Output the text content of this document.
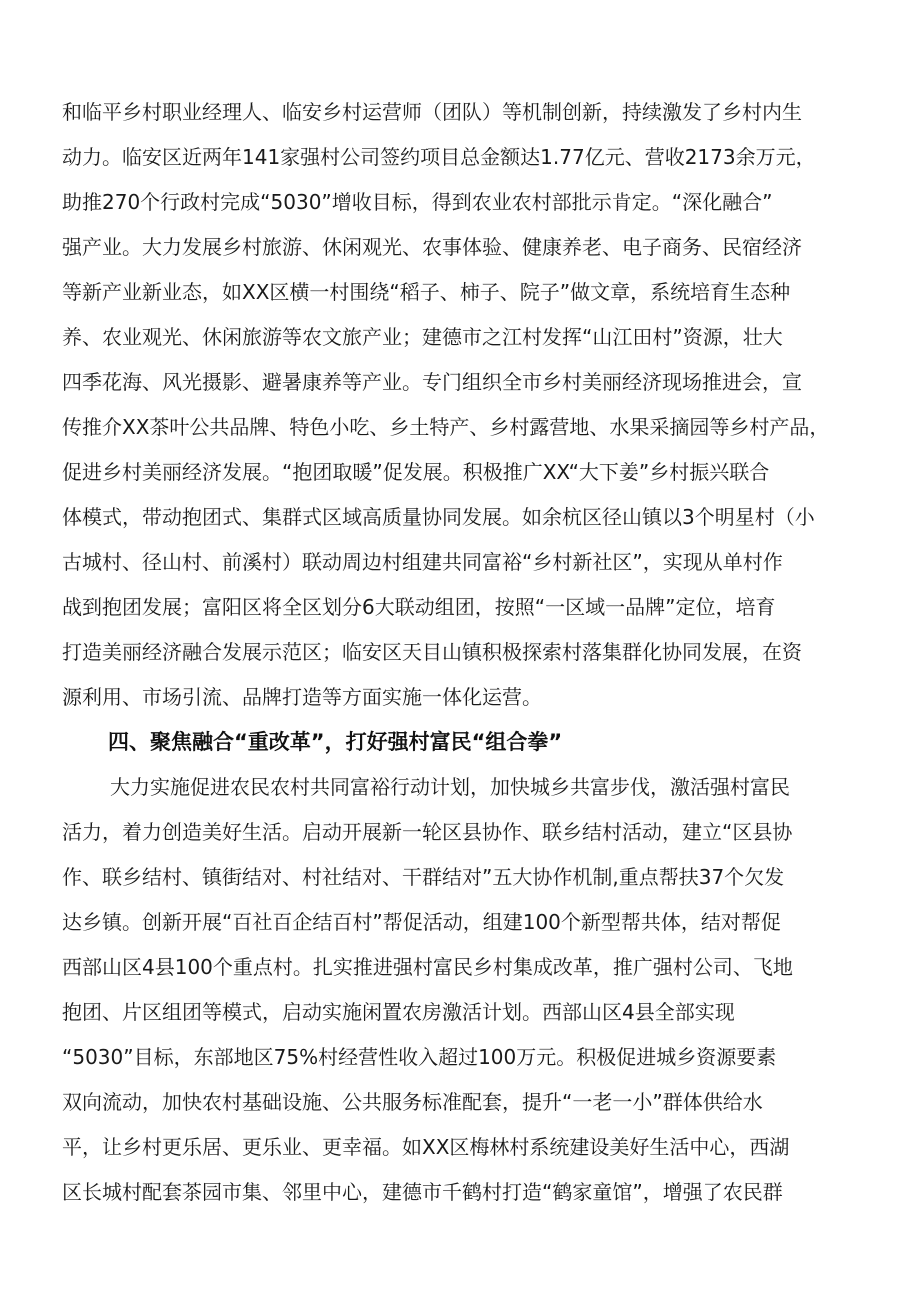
和临平乡村职业经理人、临安乡村运营师（团队）等机制创新，持续激发了乡村内生
动力。临安区近两年141家强村公司签约项目总金额达1.77亿元、营收2173余万元，
助推270个行政村完成“5030”增收目标，得到农业农村部批示肯定。“深化融合”
强产业。大力发展乡村旅游、休闲观光、农事体验、健康养老、电子商务、民宿经济
等新产业新业态，如XX区横一村围绕“稻子、柿子、院子”做文章，系统培育生态种
养、农业观光、休闲旅游等农文旅产业；建德市之江村发挥“山江田村”资源，壮大
四季花海、风光摄影、避暑康养等产业。专门组织全市乡村美丽经济现场推进会，宣
传推介XX茶叶公共品牌、特色小吃、乡土特产、乡村露营地、水果采摘园等乡村产品，
促进乡村美丽经济发展。“抱团取暖”促发展。积极推广XX“大下姜”乡村振兴联合
体模式，带动抱团式、集群式区域高质量协同发展。如余杭区径山镇以3个明星村（小
古城村、径山村、前溪村）联动周边村组建共同富裕“乡村新社区”，实现从单村作
战到抱团发展；富阳区将全区划分6大联动组团，按照“一区域一品牌”定位，培育
打造美丽经济融合发展示范区；临安区天目山镇积极探索村落集群化协同发展，在资
源利用、市场引流、品牌打造等方面实施一体化运营。
四、聚焦融合“重改革”，打好强村富民“组合拳”
大力实施促进农民农村共同富裕行动计划，加快城乡共富步伐，激活强村富民
活力，着力创造美好生活。启动开展新一轮区县协作、联乡结村活动，建立“区县协
作、联乡结村、镇街结对、村社结对、干群结对”五大协作机制,重点帮扶37个欠发
达乡镇。创新开展“百社百企结百村”帮促活动，组建100个新型帮共体，结对帮促
西部山区4县100个重点村。扎实推进强村富民乡村集成改革，推广强村公司、飞地
抱团、片区组团等模式，启动实施闲置农房激活计划。西部山区4县全部实现
“5030”目标，东部地区75%村经营性收入超过100万元。积极促进城乡资源要素
双向流动，加快农村基础设施、公共服务标准配套，提升“一老一小”群体供给水
平，让乡村更乐居、更乐业、更幸福。如XX区梅林村系统建设美好生活中心，西湖
区长城村配套茶园市集、邻里中心，建德市千鹤村打造“鹤家童馆”，增强了农民群
